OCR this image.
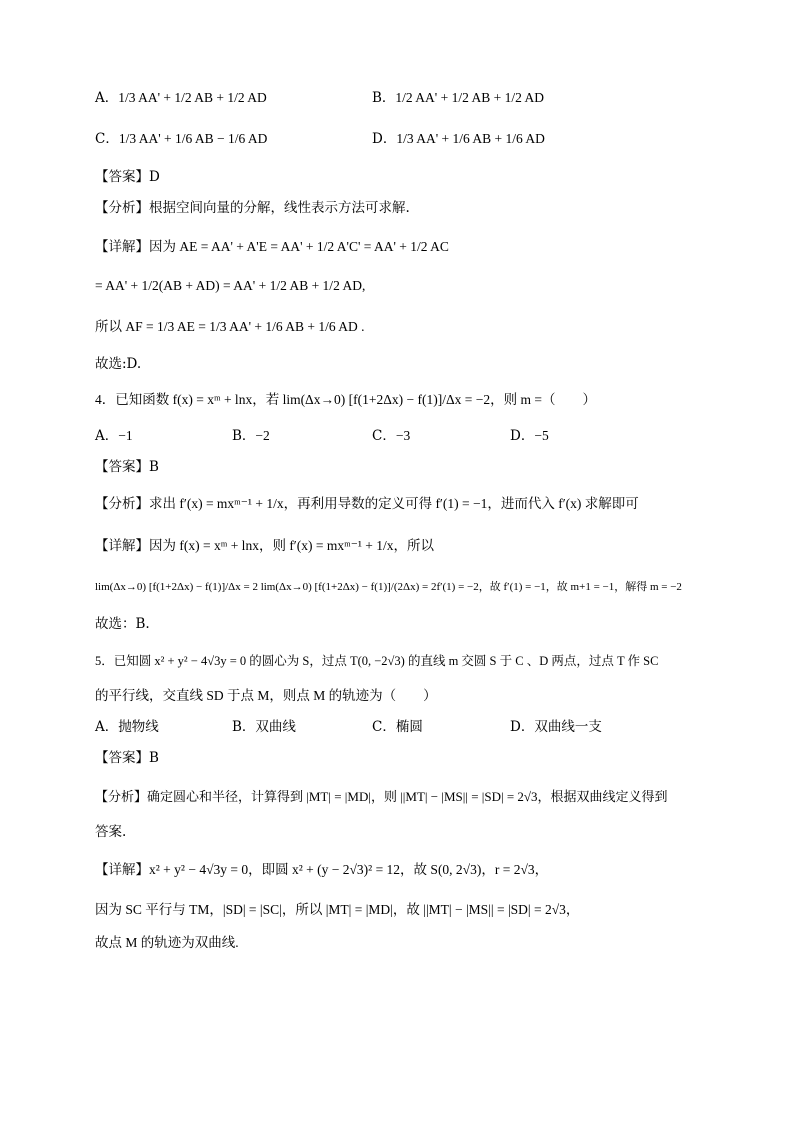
A．1/3 AA' + 1/2 AB + 1/2 AD	B．1/2 AA' + 1/2 AB + 1/2 AD
C．1/3 AA' + 1/6 AB − 1/6 AD	D．1/3 AA' + 1/6 AB + 1/6 AD
【答案】D
【分析】根据空间向量的分解，线性表示方法可求解.
【详解】因为 AE = AA' + A'E = AA' + 1/2 A'C' = AA' + 1/2 AC
= AA' + 1/2(AB + AD) = AA' + 1/2 AB + 1/2 AD,
所以 AF = 1/3 AE = 1/3 AA' + 1/6 AB + 1/6 AD .
故选:D.
4．已知函数 f(x) = xᵐ + lnx，若 lim(Δx→0) [f(1+2Δx) − f(1)]/Δx = −2，则 m =（　　）
A．−1	B．−2	C．−3	D．−5
【答案】B
【分析】求出 f′(x) = mxᵐ⁻¹ + 1/x，再利用导数的定义可得 f′(1) = −1，进而代入 f′(x) 求解即可
【详解】因为 f(x) = xᵐ + lnx，则 f′(x) = mxᵐ⁻¹ + 1/x，所以
lim(Δx→0) [f(1+2Δx) − f(1)]/Δx = 2 lim(Δx→0) [f(1+2Δx) − f(1)]/(2Δx) = 2f′(1) = −2，故 f′(1) = −1，故 m+1 = −1，解得 m = −2
故选：B.
5．已知圆 x² + y² − 4√3y = 0 的圆心为 S，过点 T(0, −2√3) 的直线 m 交圆 S 于 C 、D 两点，过点 T 作 SC
的平行线，交直线 SD 于点 M，则点 M 的轨迹为（　　）
A．抛物线	B．双曲线	C．椭圆	D．双曲线一支
【答案】B
【分析】确定圆心和半径，计算得到 |MT| = |MD|，则 ||MT| − |MS|| = |SD| = 2√3，根据双曲线定义得到
答案.
【详解】x² + y² − 4√3y = 0，即圆 x² + (y − 2√3)² = 12，故 S(0, 2√3)，r = 2√3，
因为 SC 平行与 TM，|SD| = |SC|，所以 |MT| = |MD|，故 ||MT| − |MS|| = |SD| = 2√3，
故点 M 的轨迹为双曲线.
